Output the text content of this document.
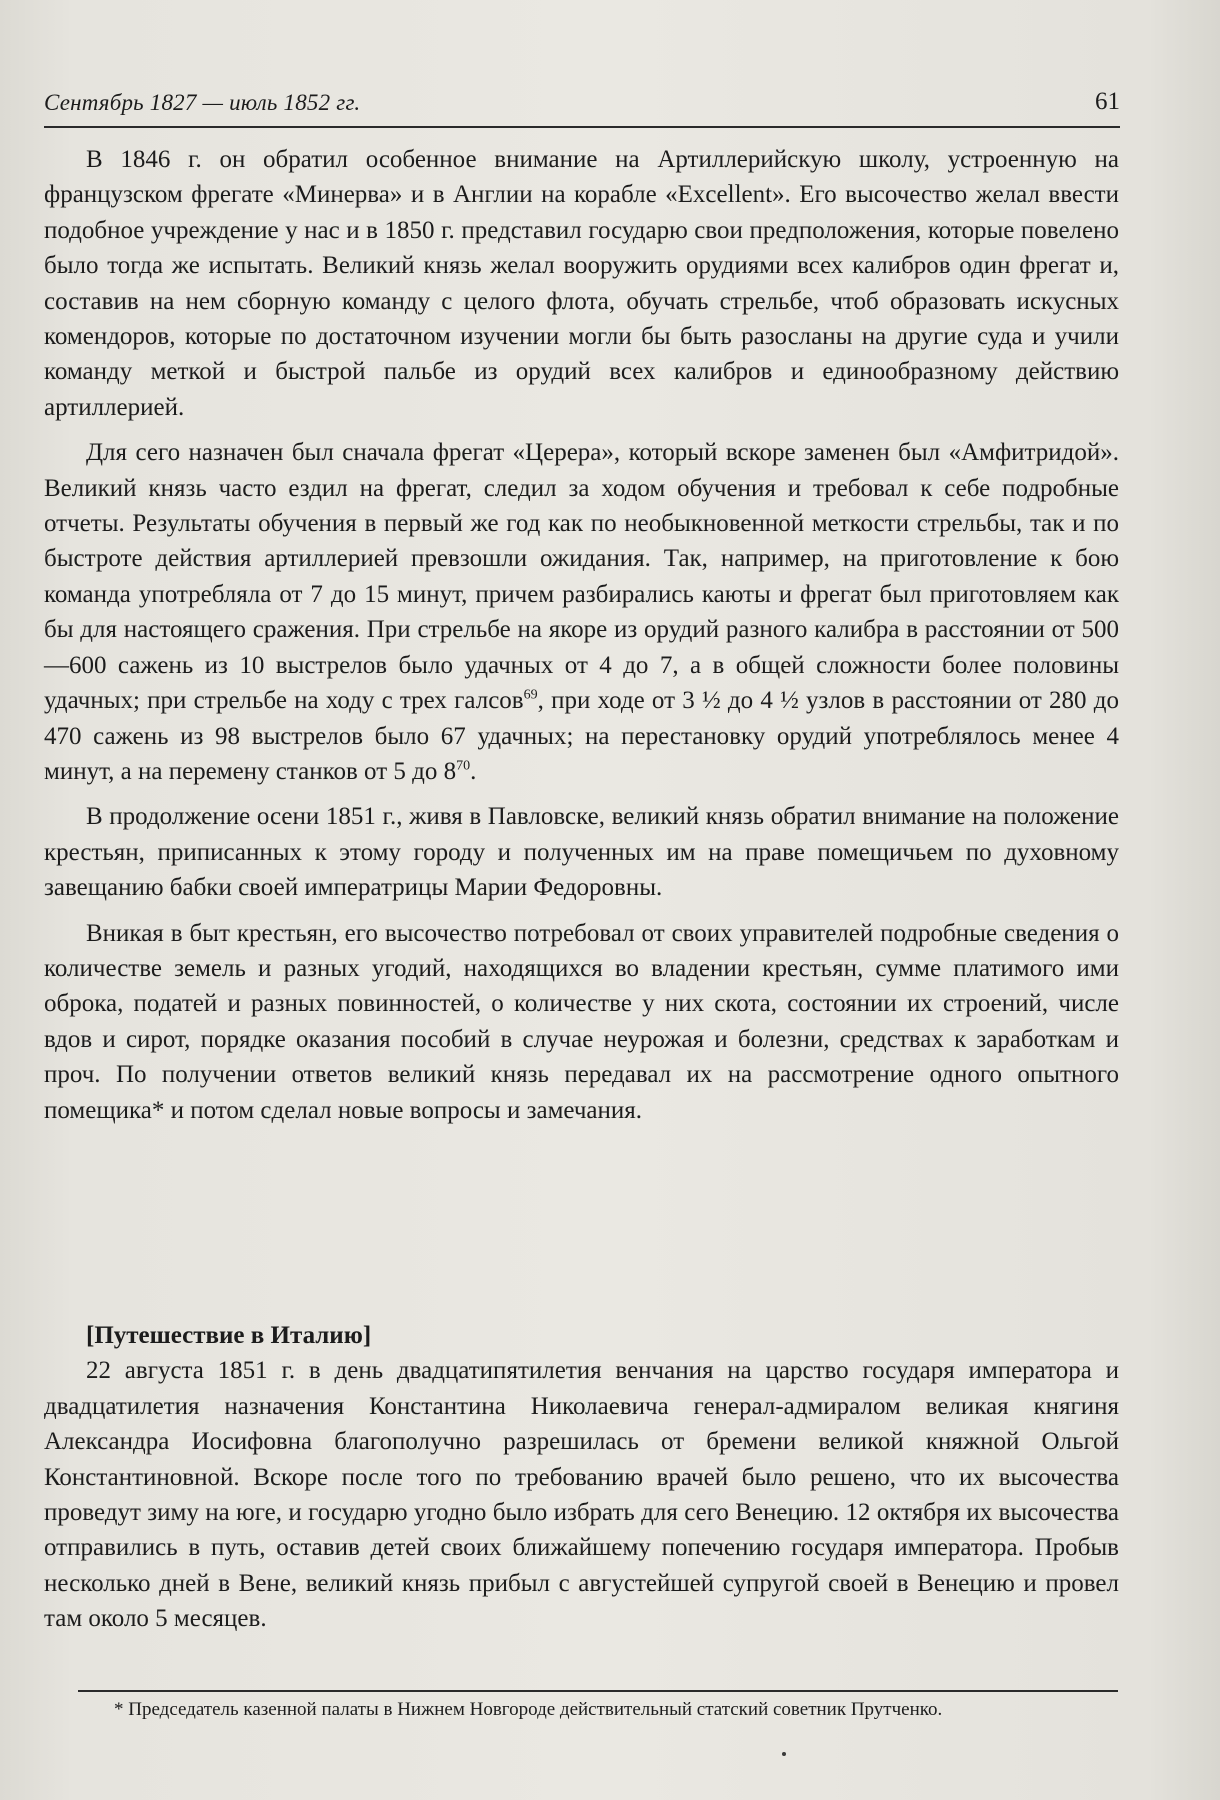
Сентябрь 1827 — июль 1852 гг.	61

В 1846 г. он обратил особенное внимание на Артиллерийскую школу, устроенную на французском фрегате «Минерва» и в Англии на корабле «Excellent». Его высочество желал ввести подобное учреждение у нас и в 1850 г. представил государю свои предположения, которые повелено было тогда же испытать. Великий князь желал вооружить орудиями всех калибров один фрегат и, составив на нем сборную команду с целого флота, обучать стрельбе, чтоб образовать искусных комендоров, которые по достаточном изучении могли бы быть разосланы на другие суда и учили команду меткой и быстрой пальбе из орудий всех калибров и единообразному действию артиллерией.

Для сего назначен был сначала фрегат «Церера», который вскоре заменен был «Амфитридой». Великий князь часто ездил на фрегат, следил за ходом обучения и требовал к себе подробные отчеты. Результаты обучения в первый же год как по необыкновенной меткости стрельбы, так и по быстроте действия артиллерией превзошли ожидания. Так, например, на приготовление к бою команда употребляла от 7 до 15 минут, причем разбирались каюты и фрегат был приготовляем как бы для настоящего сражения. При стрельбе на якоре из орудий разного калибра в расстоянии от 500—600 сажень из 10 выстрелов было удачных от 4 до 7, а в общей сложности более половины удачных; при стрельбе на ходу с трех галсов$^{69}$, при ходе от 3 ½ до 4 ½ узлов в расстоянии от 280 до 470 сажень из 98 выстрелов было 67 удачных; на перестановку орудий употреблялось менее 4 минут, а на перемену станков от 5 до $8^{70}$.

В продолжение осени 1851 г., живя в Павловске, великий князь обратил внимание на положение крестьян, приписанных к этому городу и полученных им на праве помещичьем по духовному завещанию бабки своей императрицы Марии Федоровны.

Вникая в быт крестьян, его высочество потребовал от своих управителей подробные сведения о количестве земель и разных угодий, находящихся во владении крестьян, сумме платимого ими оброка, податей и разных повинностей, о количестве у них скота, состоянии их строений, числе вдов и сирот, порядке оказания пособий в случае неурожая и болезни, средствах к заработкам и проч. По получении ответов великий князь передавал их на рассмотрение одного опытного помещика* и потом сделал новые вопросы и замечания.

[Путешествие в Италию]

22 августа 1851 г. в день двадцатипятилетия венчания на царство государя императора и двадцатилетия назначения Константина Николаевича генерал-адмиралом великая княгиня Александра Иосифовна благополучно разрешилась от бремени великой княжной Ольгой Константиновной. Вскоре после того по требованию врачей было решено, что их высочества проведут зиму на юге, и государю угодно было избрать для сего Венецию. 12 октября их высочества отправились в путь, оставив детей своих ближайшему попечению государя императора. Пробыв несколько дней в Вене, великий князь прибыл с августейшей супругой своей в Венецию и провел там около 5 месяцев.

* Председатель казенной палаты в Нижнем Новгороде действительный статский советник Прутченко.
